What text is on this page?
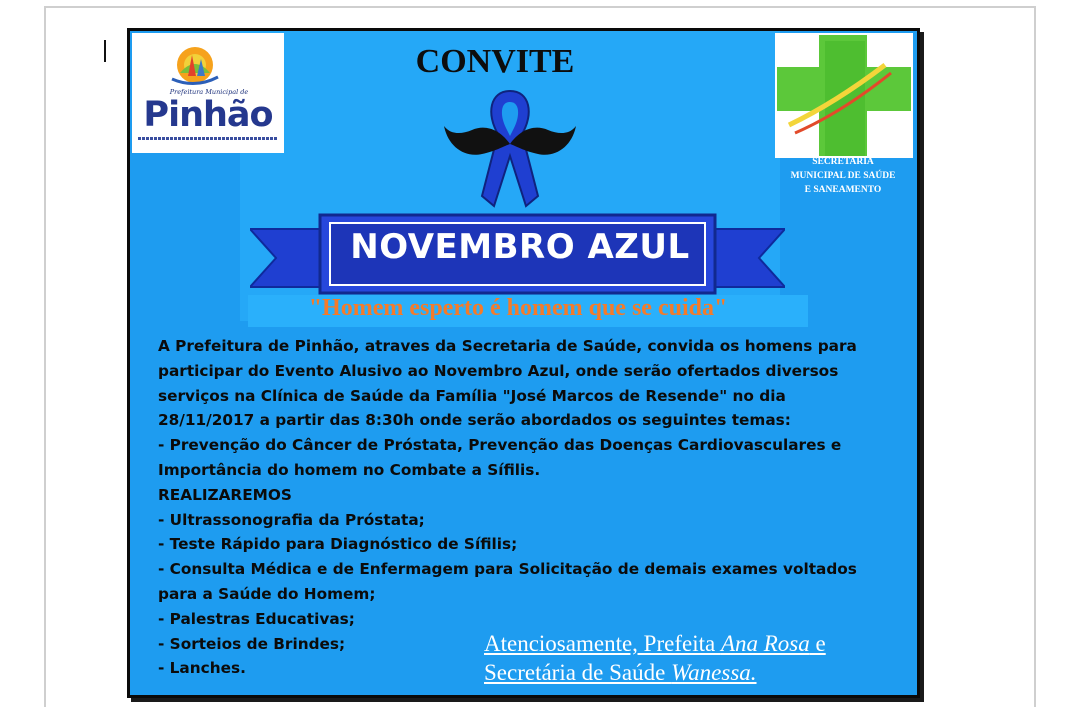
Prefeitura Municipal de
Pinhão
CONVITE
SECRETARIA
MUNICIPAL DE SAÚDE
E SANEAMENTO
NOVEMBRO AZUL
"Homem esperto é homem que se cuida"
A Prefeitura de Pinhão, atraves da Secretaria de Saúde, convida os homens para
participar do Evento Alusivo ao Novembro Azul, onde serão ofertados diversos
serviços na Clínica de Saúde da Família "José Marcos de Resende" no dia
28/11/2017 a partir das 8:30h onde serão abordados os seguintes temas:
- Prevenção do Câncer de Próstata, Prevenção das Doenças Cardiovasculares e
Importância do homem no Combate a Sífilis.
REALIZAREMOS
- Ultrassonografia da Próstata;
- Teste Rápido para Diagnóstico de Sífilis;
- Consulta Médica e de Enfermagem para Solicitação de demais exames voltados
para a Saúde do Homem;
- Palestras Educativas;
- Sorteios de Brindes;
- Lanches.
Atenciosamente, Prefeita Ana Rosa e
Secretária de Saúde Wanessa.
